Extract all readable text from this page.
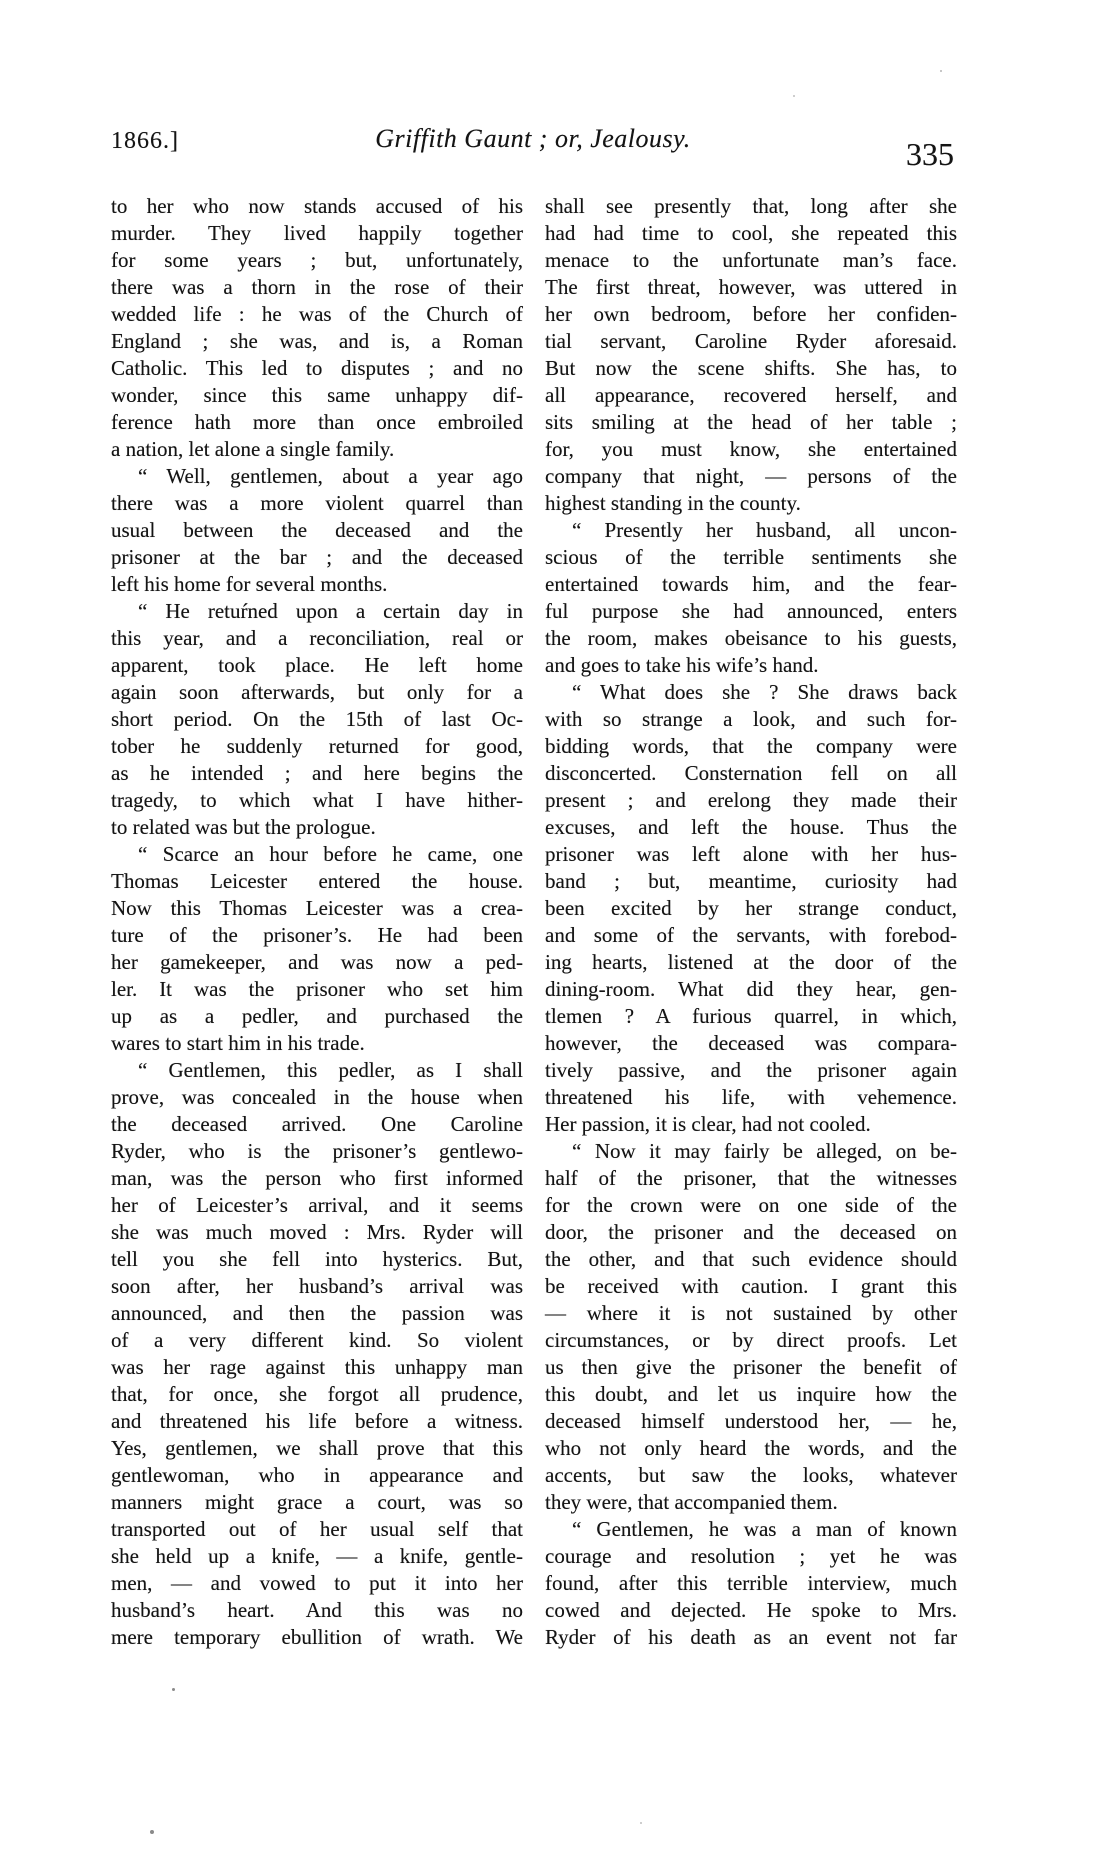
1866.]	Griffith Gaunt ; or, Jealousy.	335
to her who now stands accused of his
murder. They lived happily together
for some years ; but, unfortunately,
there was a thorn in the rose of their
wedded life : he was of the Church of
England ; she was, and is, a Roman
Catholic. This led to disputes ; and no
wonder, since this same unhappy dif-
ference hath more than once embroiled
a nation, let alone a single family.
“ Well, gentlemen, about a year ago
there was a more violent quarrel than
usual between the deceased and the
prisoner at the bar ; and the deceased
left his home for several months.
“ He retuŕned upon a certain day in
this year, and a reconciliation, real or
apparent, took place. He left home
again soon afterwards, but only for a
short period. On the 15th of last Oc-
tober he suddenly returned for good,
as he intended ; and here begins the
tragedy, to which what I have hither-
to related was but the prologue.
“ Scarce an hour before he came, one
Thomas Leicester entered the house.
Now this Thomas Leicester was a crea-
ture of the prisoner’s. He had been
her gamekeeper, and was now a ped-
ler. It was the prisoner who set him
up as a pedler, and purchased the
wares to start him in his trade.
“ Gentlemen, this pedler, as I shall
prove, was concealed in the house when
the deceased arrived. One Caroline
Ryder, who is the prisoner’s gentlewo-
man, was the person who first informed
her of Leicester’s arrival, and it seems
she was much moved : Mrs. Ryder will
tell you she fell into hysterics. But,
soon after, her husband’s arrival was
announced, and then the passion was
of a very different kind. So violent
was her rage against this unhappy man
that, for once, she forgot all prudence,
and threatened his life before a witness.
Yes, gentlemen, we shall prove that this
gentlewoman, who in appearance and
manners might grace a court, was so
transported out of her usual self that
she held up a knife, — a knife, gentle-
men, — and vowed to put it into her
husband’s heart. And this was no
mere temporary ebullition of wrath. We
shall see presently that, long after she
had had time to cool, she repeated this
menace to the unfortunate man’s face.
The first threat, however, was uttered in
her own bedroom, before her confiden-
tial servant, Caroline Ryder aforesaid.
But now the scene shifts. She has, to
all appearance, recovered herself, and
sits smiling at the head of her table ;
for, you must know, she entertained
company that night, — persons of the
highest standing in the county.
“ Presently her husband, all uncon-
scious of the terrible sentiments she
entertained towards him, and the fear-
ful purpose she had announced, enters
the room, makes obeisance to his guests,
and goes to take his wife’s hand.
“ What does she ? She draws back
with so strange a look, and such for-
bidding words, that the company were
disconcerted. Consternation fell on all
present ; and erelong they made their
excuses, and left the house. Thus the
prisoner was left alone with her hus-
band ; but, meantime, curiosity had
been excited by her strange conduct,
and some of the servants, with forebod-
ing hearts, listened at the door of the
dining-room. What did they hear, gen-
tlemen ? A furious quarrel, in which,
however, the deceased was compara-
tively passive, and the prisoner again
threatened his life, with vehemence.
Her passion, it is clear, had not cooled.
“ Now it may fairly be alleged, on be-
half of the prisoner, that the witnesses
for the crown were on one side of the
door, the prisoner and the deceased on
the other, and that such evidence should
be received with caution. I grant this
— where it is not sustained by other
circumstances, or by direct proofs. Let
us then give the prisoner the benefit of
this doubt, and let us inquire how the
deceased himself understood her, — he,
who not only heard the words, and the
accents, but saw the looks, whatever
they were, that accompanied them.
“ Gentlemen, he was a man of known
courage and resolution ; yet he was
found, after this terrible interview, much
cowed and dejected. He spoke to Mrs.
Ryder of his death as an event not far
